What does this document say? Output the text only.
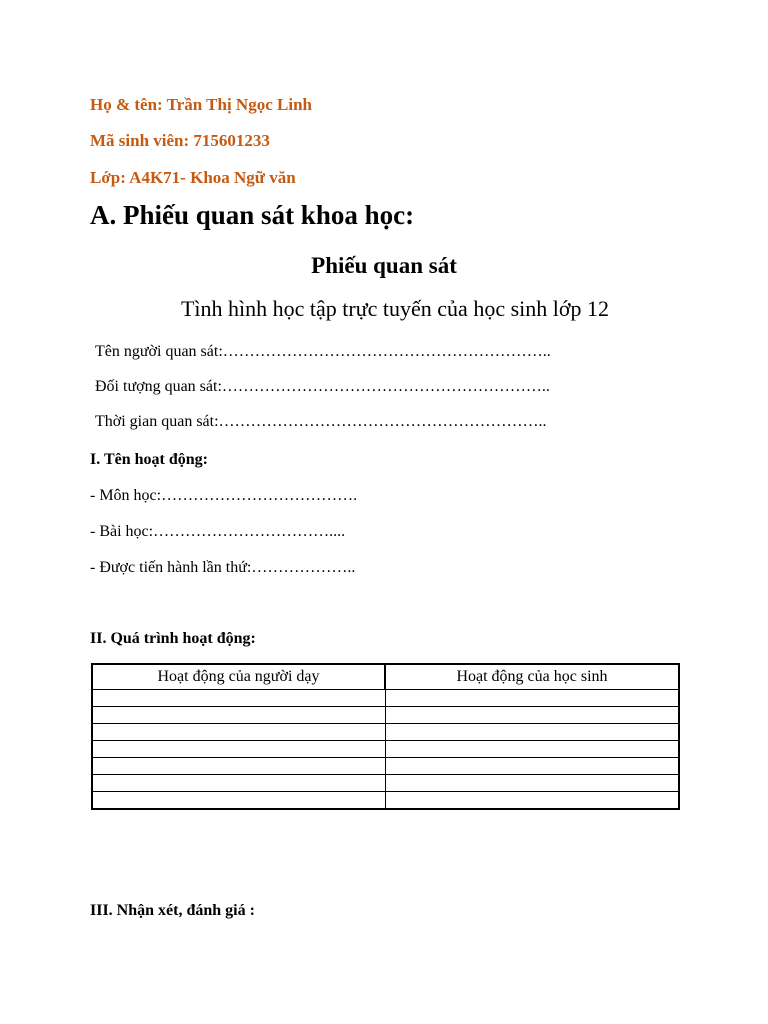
Họ & tên: Trần Thị Ngọc Linh
Mã sinh viên: 715601233
Lớp: A4K71- Khoa Ngữ văn
A. Phiếu quan sát khoa học:
Phiếu quan sát
Tình hình học tập trực tuyến của học sinh lớp 12
Tên người quan sát:……………………………………………………..
Đối tượng quan sát:……………………………………………………..
Thời gian quan sát:……………………………………………………..
I. Tên hoạt động:
- Môn học:……………………………….
- Bài học:……………………………....
- Được tiến hành lần thứ:………………..
II. Quá trình hoạt động:
Hoạt động của người dạy	Hoạt động của học sinh

III. Nhận xét, đánh giá :
